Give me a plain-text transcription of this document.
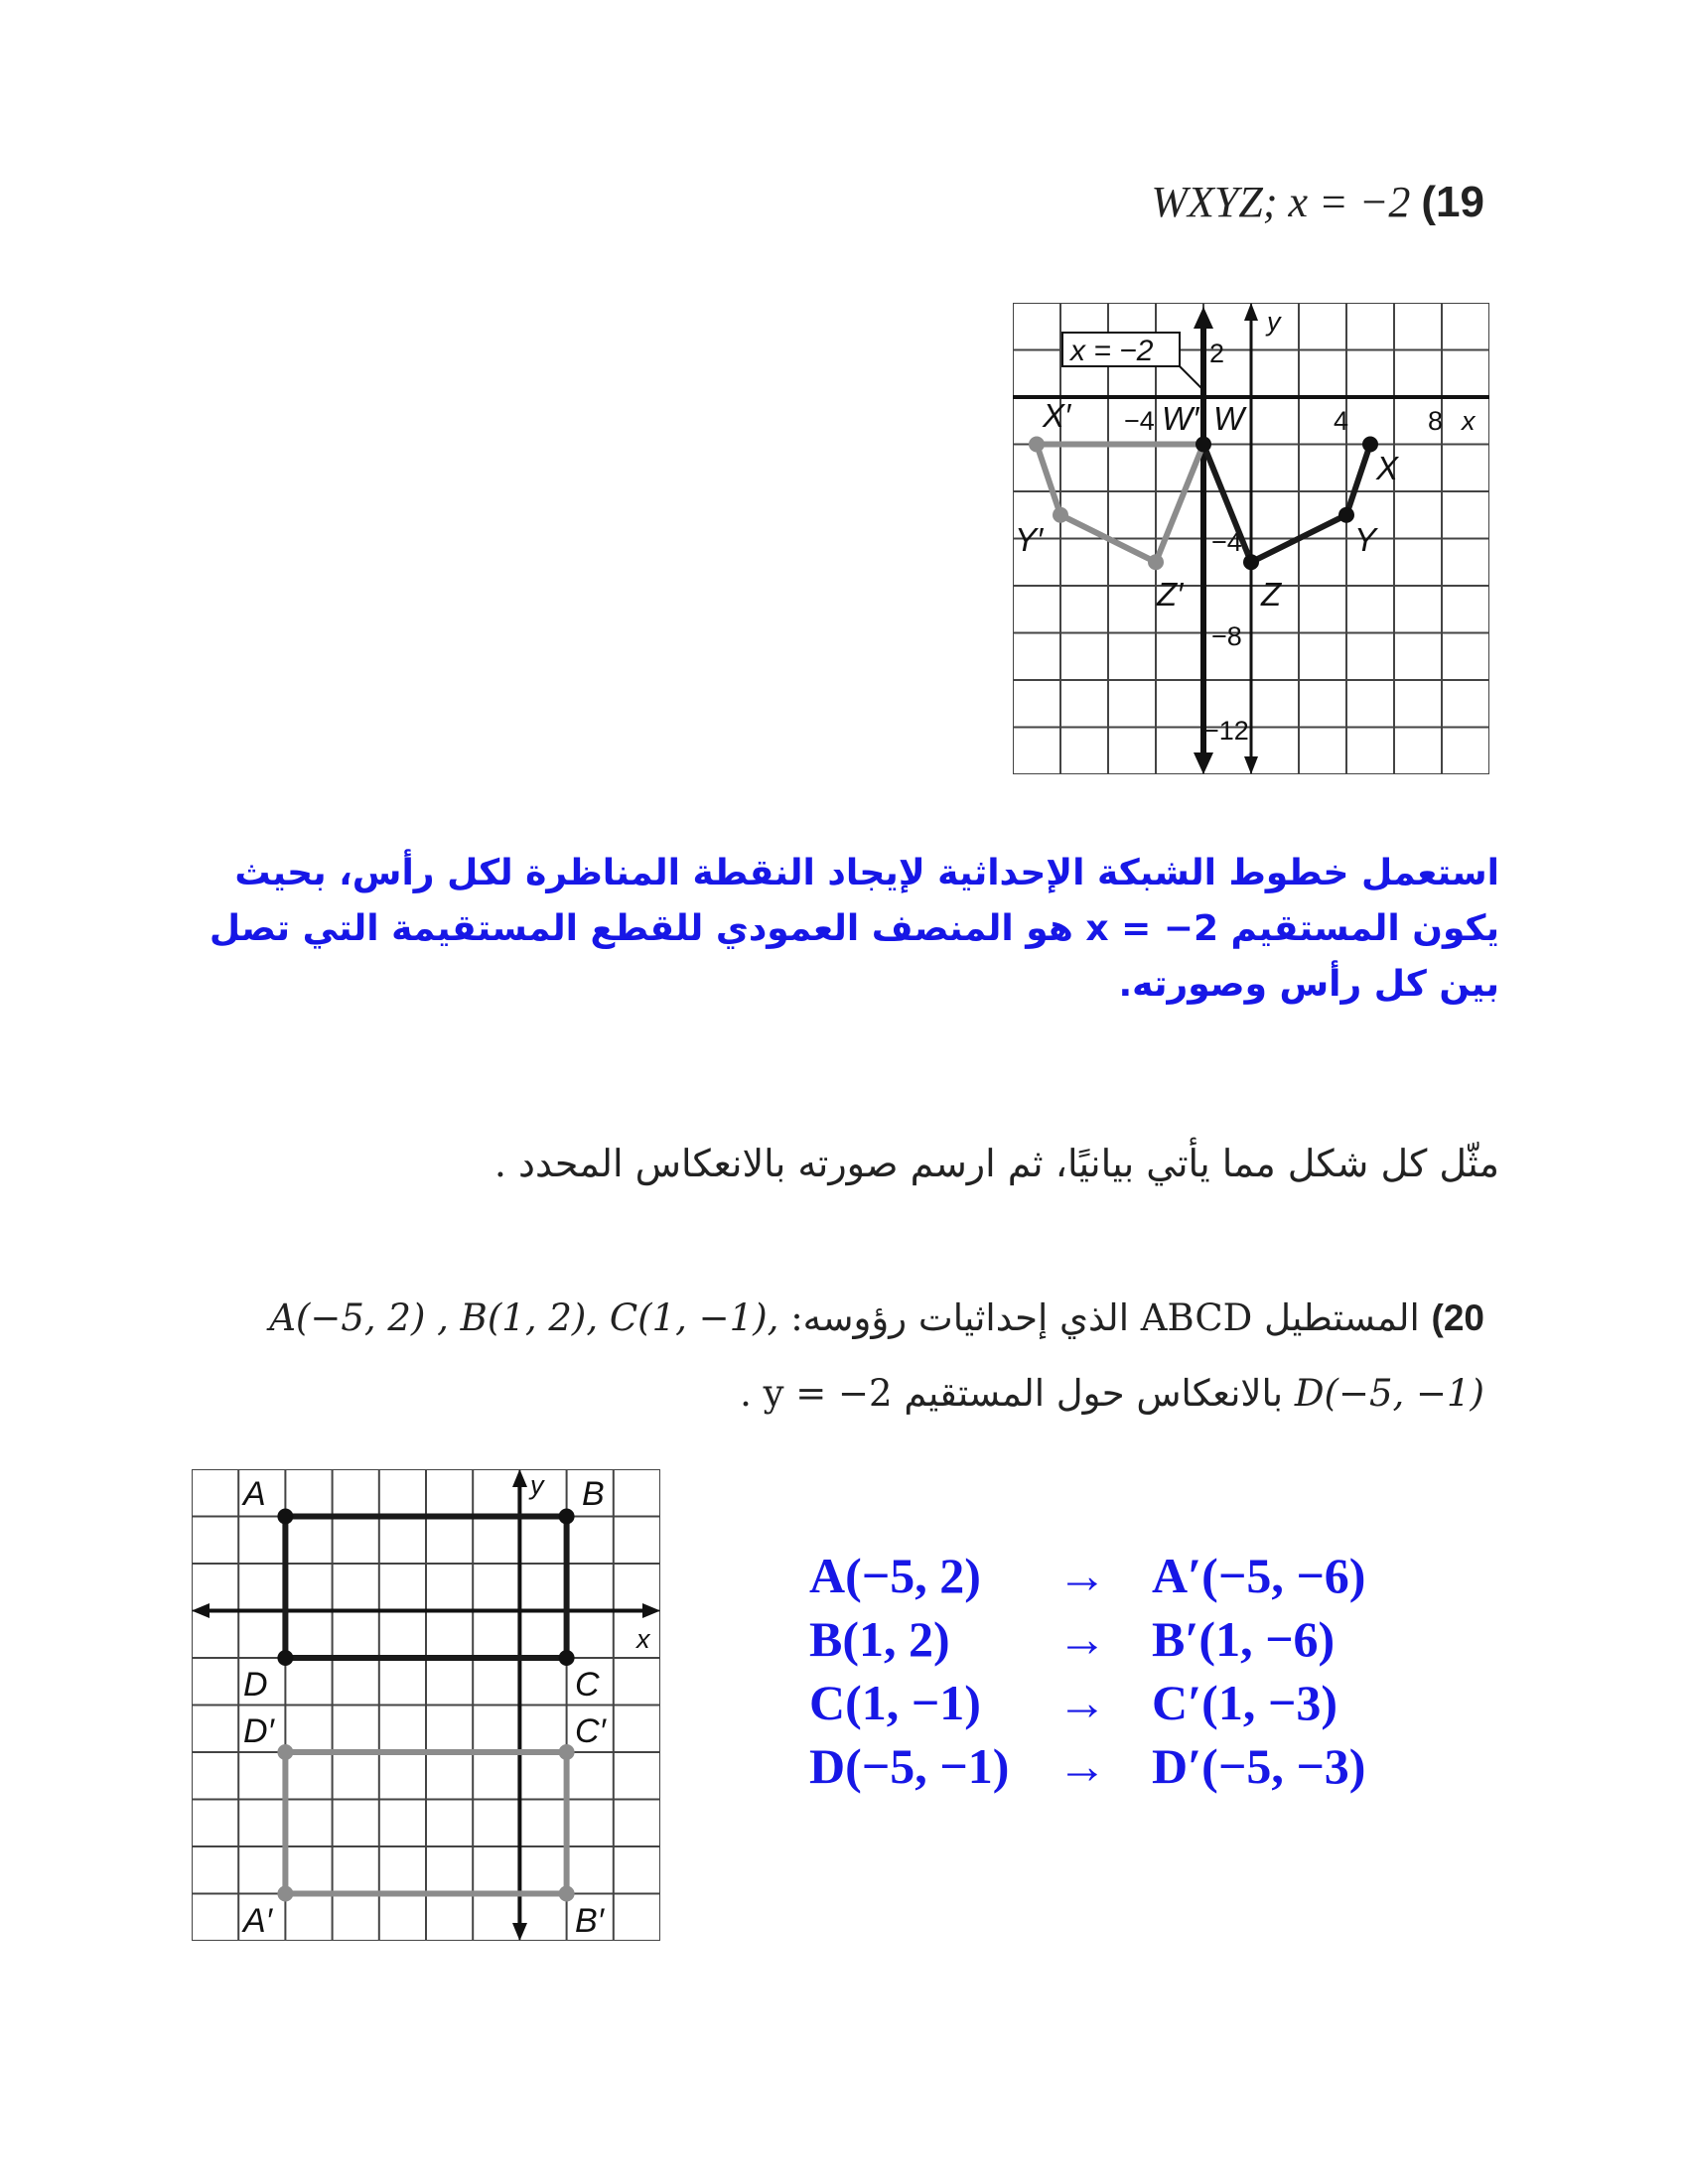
WXYZ; x = −2 (19
x = −2 2
−4	4	8
−4
−8
−12
y
x
W
X
Y
Z
W′
X′
Y′
Z′
استعمل خطوط الشبكة الإحداثية لإيجاد النقطة المناظرة لكل رأس، بحيث يكون المستقيم x = −2 هو المنصف العمودي للقطع المستقيمة التي تصل بين كل رأس وصورته.
مثّل كل شكل مما يأتي بيانيًا، ثم ارسم صورته بالانعكاس المحدد .
20) المستطيل ABCD الذي إحداثيات رؤوسه: A(−5, 2) , B(1, 2), C(1, −1),
D(−5, −1) بالانعكاس حول المستقيم y = −2 .
y
x
A	B
C
D
A′	B′
C′
D′
A(−5, 2)	→ A′(−5, −6)
B(1, 2)	→ B′(1, −6)
C(1, −1)	→ C′(1, −3)
D(−5, −1) → D′(−5, −3)
